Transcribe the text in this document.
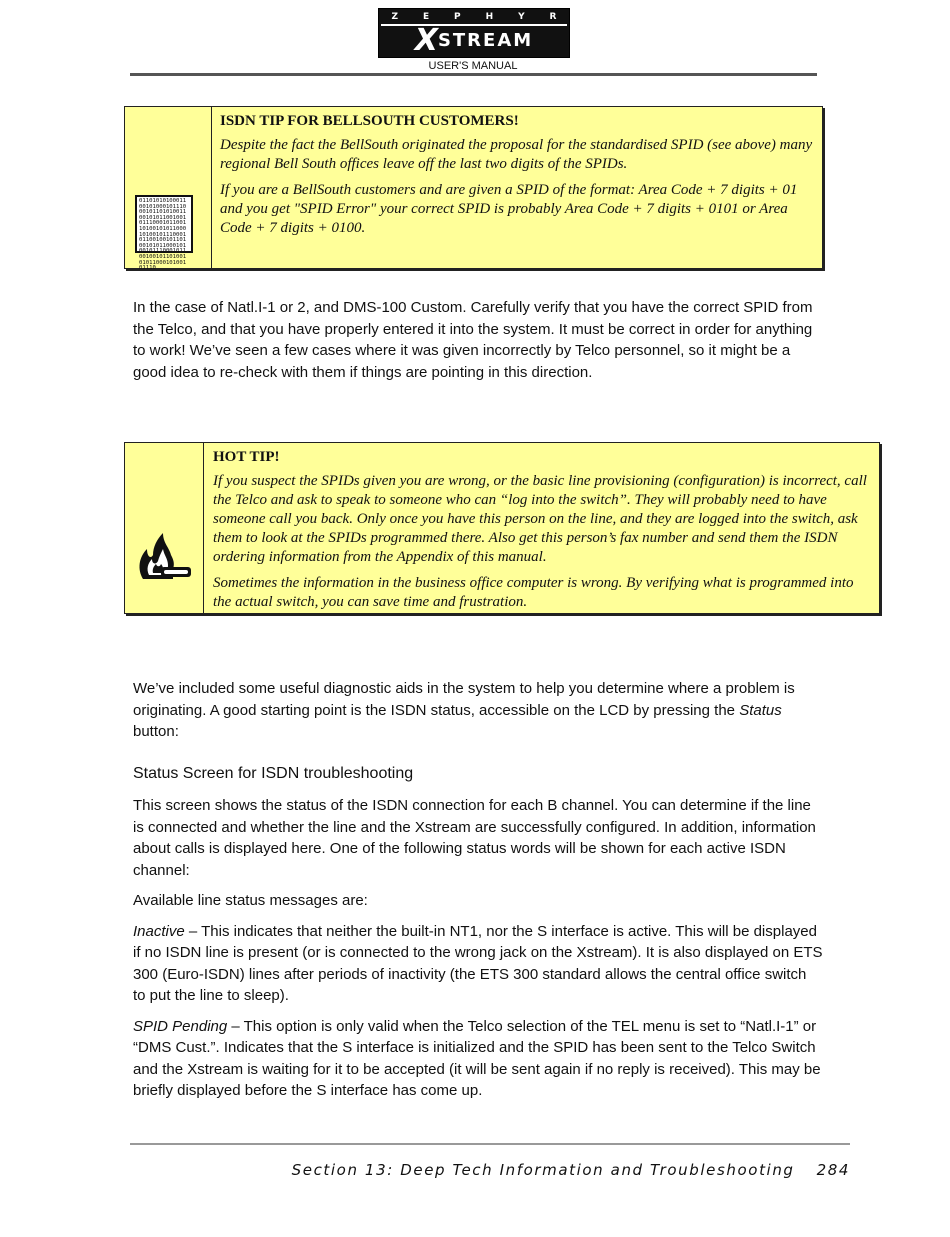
Z	E	P	H	Y	R
XSTREAM
USER'S MANUAL
01101010100011001010001011100010110101001100101011001001011100010110011010010101100010100101110001011001001011010010101100010100101110001011001001011010010101100010100101110
ISDN TIP FOR BELLSOUTH CUSTOMERS!

Despite the fact the BellSouth originated the proposal for the standardised SPID (see above) many regional Bell South offices leave off the last two digits of the SPIDs.

If you are a BellSouth customers and are given a SPID of the format: Area Code + 7 digits + 01 and you get "SPID Error" your correct SPID is probably Area Code + 7 digits + 0101 or Area Code + 7 digits + 0100.

In the case of Natl.I-1 or 2, and DMS-100 Custom. Carefully verify that you have the correct SPID from the Telco, and that you have properly entered it into the system. It must be correct in order for anything to work! We’ve seen a few cases where it was given incorrectly by Telco personnel, so it might be a good idea to re-check with them if things are pointing in this direction.

HOT TIP!

If you suspect the SPIDs given you are wrong, or the basic line provisioning (configuration) is incorrect, call the Telco and ask to speak to someone who can “log into the switch”. They will probably need to have someone call you back. Only once you have this person on the line, and they are logged into the switch, ask them to look at the SPIDs programmed there. Also get this person’s fax number and send them the ISDN ordering information from the Appendix of this manual.

Sometimes the information in the business office computer is wrong. By verifying what is programmed into the actual switch, you can save time and frustration.

We’ve included some useful diagnostic aids in the system to help you determine where a problem is originating. A good starting point is the ISDN status, accessible on the LCD by pressing the Status button:

Status Screen for ISDN troubleshooting

This screen shows the status of the ISDN connection for each B channel. You can determine if the line is connected and whether the line and the Xstream are successfully configured. In addition, information about calls is displayed here. One of the following status words will be shown for each active ISDN channel:

Available line status messages are:

Inactive – This indicates that neither the built-in NT1, nor the S interface is active. This will be displayed if no ISDN line is present (or is connected to the wrong jack on the Xstream). It is also displayed on ETS 300 (Euro-ISDN) lines after periods of inactivity (the ETS 300 standard allows the central office switch to put the line to sleep).

SPID Pending – This option is only valid when the Telco selection of the TEL menu is set to “Natl.I-1” or “DMS Cust.”. Indicates that the S interface is initialized and the SPID has been sent to the Telco Switch and the Xstream is waiting for it to be accepted (it will be sent again if no reply is received). This may be briefly displayed before the S interface has come up.

Section 13: Deep Tech Information and Troubleshooting 284
